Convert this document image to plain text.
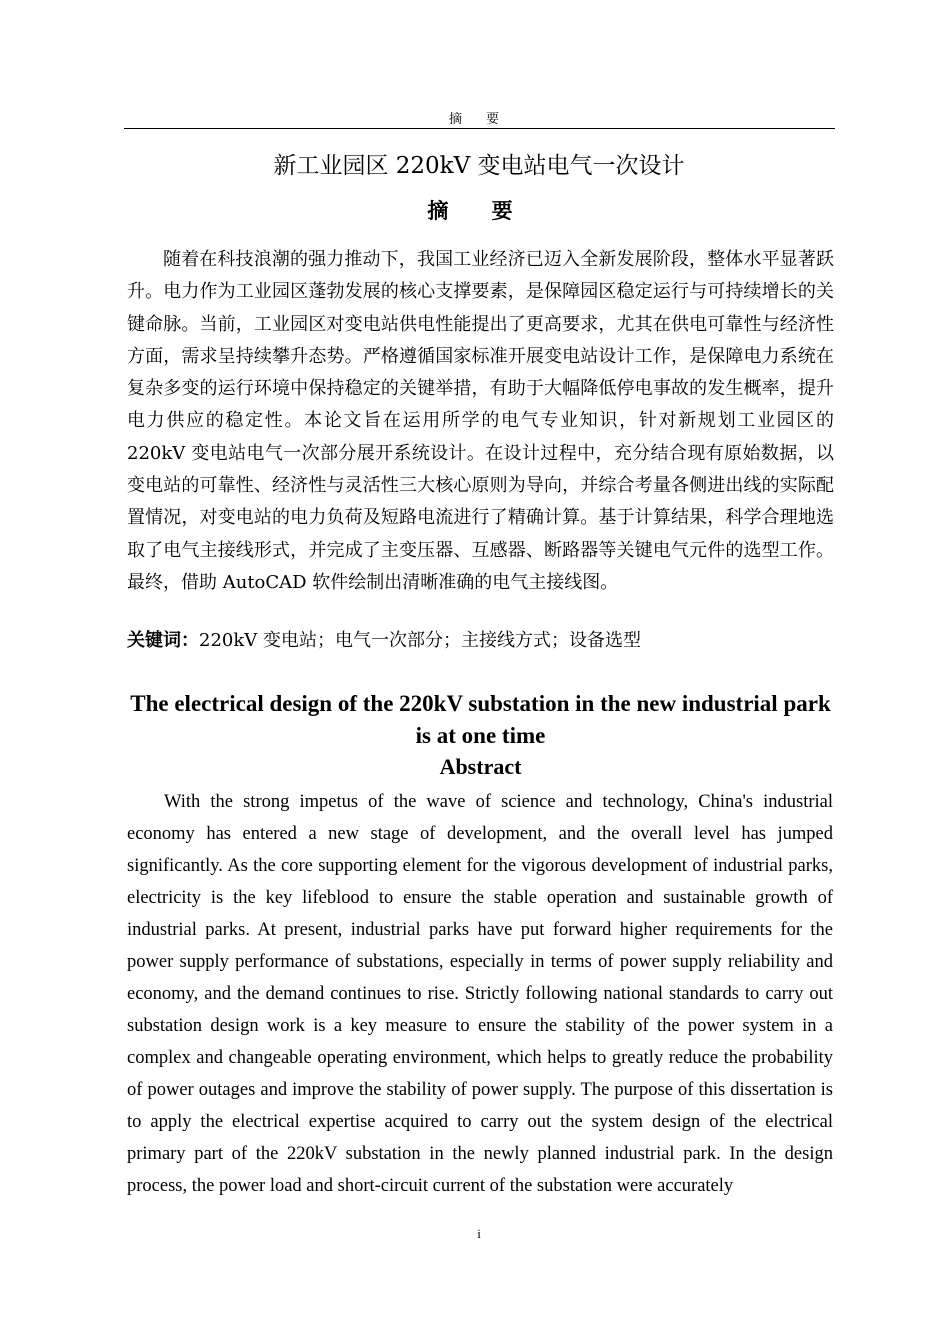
摘 要
新工业园区 220kV 变电站电气一次设计
摘 要
随着在科技浪潮的强力推动下，我国工业经济已迈入全新发展阶段，整体水平显著跃升。电力作为工业园区蓬勃发展的核心支撑要素，是保障园区稳定运行与可持续增长的关键命脉。当前，工业园区对变电站供电性能提出了更高要求，尤其在供电可靠性与经济性方面，需求呈持续攀升态势。严格遵循国家标准开展变电站设计工作，是保障电力系统在复杂多变的运行环境中保持稳定的关键举措，有助于大幅降低停电事故的发生概率，提升电力供应的稳定性。本论文旨在运用所学的电气专业知识，针对新规划工业园区的 220kV 变电站电气一次部分展开系统设计。在设计过程中，充分结合现有原始数据，以变电站的可靠性、经济性与灵活性三大核心原则为导向，并综合考量各侧进出线的实际配置情况，对变电站的电力负荷及短路电流进行了精确计算。基于计算结果，科学合理地选取了电气主接线形式，并完成了主变压器、互感器、断路器等关键电气元件的选型工作。最终，借助 AutoCAD 软件绘制出清晰准确的电气主接线图。
关键词：220kV 变电站；电气一次部分；主接线方式；设备选型
The electrical design of the 220kV substation in the new industrial park is at one time
Abstract
With the strong impetus of the wave of science and technology, China's industrial economy has entered a new stage of development, and the overall level has jumped significantly. As the core supporting element for the vigorous development of industrial parks, electricity is the key lifeblood to ensure the stable operation and sustainable growth of industrial parks. At present, industrial parks have put forward higher requirements for the power supply performance of substations, especially in terms of power supply reliability and economy, and the demand continues to rise. Strictly following national standards to carry out substation design work is a key measure to ensure the stability of the power system in a complex and changeable operating environment, which helps to greatly reduce the probability of power outages and improve the stability of power supply. The purpose of this dissertation is to apply the electrical expertise acquired to carry out the system design of the electrical primary part of the 220kV substation in the newly planned industrial park. In the design process, the power load and short-circuit current of the substation were accurately
i
